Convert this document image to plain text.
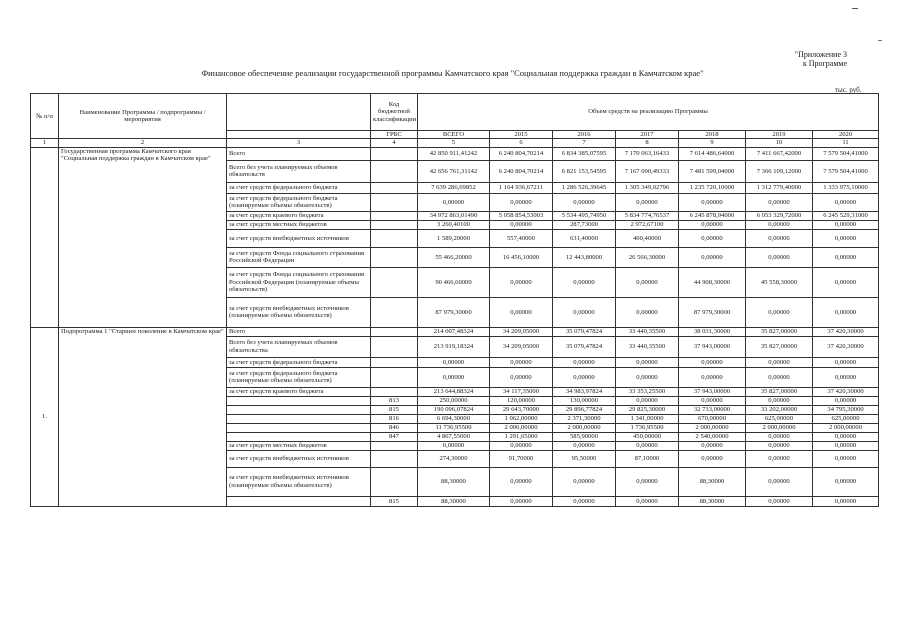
"Приложение 3
к Программе
Финансовое обеспечение реализации государственной программы Камчатского края "Социальная поддержка граждан в Камчатском крае"
тыс. руб.
№ п/п	Наименование Программы / подпрограммы / мероприятия		Код бюджетной классификации	Объем средств на реализацию Программы						
			ГРБС	ВСЕГО	2015	2016	2017	2018	2019	2020
1	2	3	4	5	6	7	8	9	10	11
	Государственная программа Камчатского края "Социальная поддержка граждан в Камчатском крае"	Всего		42 850 911,41242	6 240 804,70214	6 834 385,07595	7 170 063,16433	7 614 486,64000	7 411 667,42000	7 579 504,41000
		Всего без учета планируемых объемов обязательств		42 656 761,31142	6 240 804,70214	6 821 153,54595	7 167 090,49333	7 481 599,04000	7 366 109,12000	7 579 504,41000
		за счет средств федерального бюджета		7 639 286,69852	1 164 936,67211	1 286 526,39645	1 305 349,02796	1 235 720,10000	1 312 779,40000	1 333 975,10000
		за счет средств федерального бюджета (планируемые объемы обязательств)		0,00000	0,00000	0,00000	0,00000	0,00000	0,00000	0,00000
		за счет средств краевого бюджета		34 972 863,01490	5 058 854,53003	5 534 495,74950	5 834 774,76537	6 245 878,94000	6 053 329,72000	6 245 529,31000
		за счет средств местных бюджетов		3 260,40100	0,00000	287,73000	2 972,67100	0,00000	0,00000	0,00000
		за счет средств внебюджетных источников		1 589,20000	557,40000	631,40000	400,40000	0,00000	0,00000	0,00000
		за счет средств Фонда социального страхования Российской Федерации		55 466,20000	16 456,10000	12 443,80000	26 566,30000	0,00000	0,00000	0,00000
		за счет средств Фонда социального страхования Российской Федерации (планируемые объемы обязательств)		90 466,60000	0,00000	0,00000	0,00000	44 908,30000	45 558,30000	0,00000
		за счет средств внебюджетных источников (планируемые объемы обязательств)		87 979,30000	0,00000	0,00000	0,00000	87 979,30000	0,00000	0,00000
1.	Подпрограмма 1 "Старшее поколение в Камчатском крае"	Всего		214 007,48324	34 209,05000	35 079,47824	33 440,35500	38 031,30000	35 827,00000	37 420,30000
		Всего без учета планируемых объемов обязательства		213 919,18324	34 209,05000	35 079,47824	33 440,35500	37 943,00000	35 827,00000	37 420,30000
		за счет средств федерального бюджета		0,00000	0,00000	0,00000	0,00000	0,00000	0,00000	0,00000
		за счет средств федерального бюджета (планируемые объемы обязательств)		0,00000	0,00000	0,00000	0,00000	0,00000	0,00000	0,00000
		за счет средств краевого бюджета		213 644,88324	34 117,35000	34 983,97824	33 353,25500	37 943,00000	35 827,00000	37 420,30000
			813	250,00000	120,00000	130,00000	0,00000	0,00000	0,00000	0,00000
			815	190 096,07824	29 643,70000	29 896,77824	29 825,30000	32 733,00000	33 202,00000	34 795,30000
			816	6 694,30000	1 062,00000	2 371,30000	1 341,00000	670,00000	625,00000	625,00000
			846	11 736,95500	2 000,00000	2 000,00000	1 736,95500	2 000,00000	2 000,00000	2 000,00000
			847	4 867,55000	1 291,65000	585,90000	450,00000	2 540,00000	0,00000	0,00000
		за счет средств местных бюджетов		0,00000	0,00000	0,00000	0,00000	0,00000	0,00000	0,00000
		за счет средств внебюджетных источников		274,30000	91,70000	95,50000	87,10000	0,00000	0,00000	0,00000
		за счет средств внебюджетных источников (планируемые объемы обязательств)		88,30000	0,00000	0,00000	0,00000	88,30000	0,00000	0,00000
			815	88,30000	0,00000	0,00000	0,00000	88,30000	0,00000	0,00000
